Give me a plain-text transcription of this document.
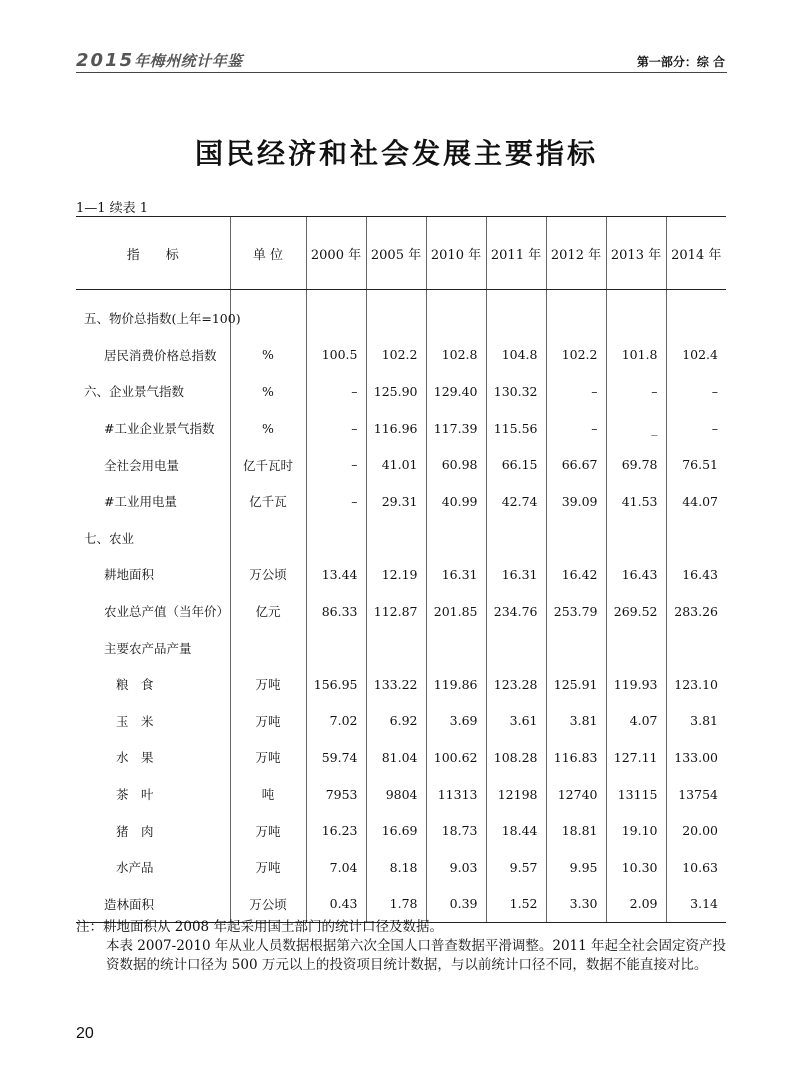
2015年梅州统计年鉴	第一部分：综 合
国民经济和社会发展主要指标
1—1 续表 1
指　　标	单 位	2000 年	2005 年	2010 年	2011 年	2012 年	2013 年	2014 年

五、物价总指数(上年=100)								
居民消费价格总指数	%	100.5	102.2	102.8	104.8	102.2	101.8	102.4
六、企业景气指数	%	–	125.90	129.40	130.32	–	–	–
#工业企业景气指数	%	–	116.96	117.39	115.56	–	_	–
全社会用电量	亿千瓦时	–	41.01	60.98	66.15	66.67	69.78	76.51
#工业用电量	亿千瓦	–	29.31	40.99	42.74	39.09	41.53	44.07
七、农业								
耕地面积	万公顷	13.44	12.19	16.31	16.31	16.42	16.43	16.43
农业总产值（当年价）	亿元	86.33	112.87	201.85	234.76	253.79	269.52	283.26
主要农产品产量								
粮　食	万吨	156.95	133.22	119.86	123.28	125.91	119.93	123.10
玉　米	万吨	7.02	6.92	3.69	3.61	3.81	4.07	3.81
水　果	万吨	59.74	81.04	100.62	108.28	116.83	127.11	133.00
茶　叶	吨	7953	9804	11313	12198	12740	13115	13754
猪　肉	万吨	16.23	16.69	18.73	18.44	18.81	19.10	20.00
水产品	万吨	7.04	8.18	9.03	9.57	9.95	10.30	10.63
造林面积	万公顷	0.43	1.78	0.39	1.52	3.30	2.09	3.14
注：耕地面积从 2008 年起采用国土部门的统计口径及数据。
本表 2007-2010 年从业人员数据根据第六次全国人口普查数据平滑调整。2011 年起全社会固定资产投资数据的统计口径为 500 万元以上的投资项目统计数据，与以前统计口径不同，数据不能直接对比。
20
